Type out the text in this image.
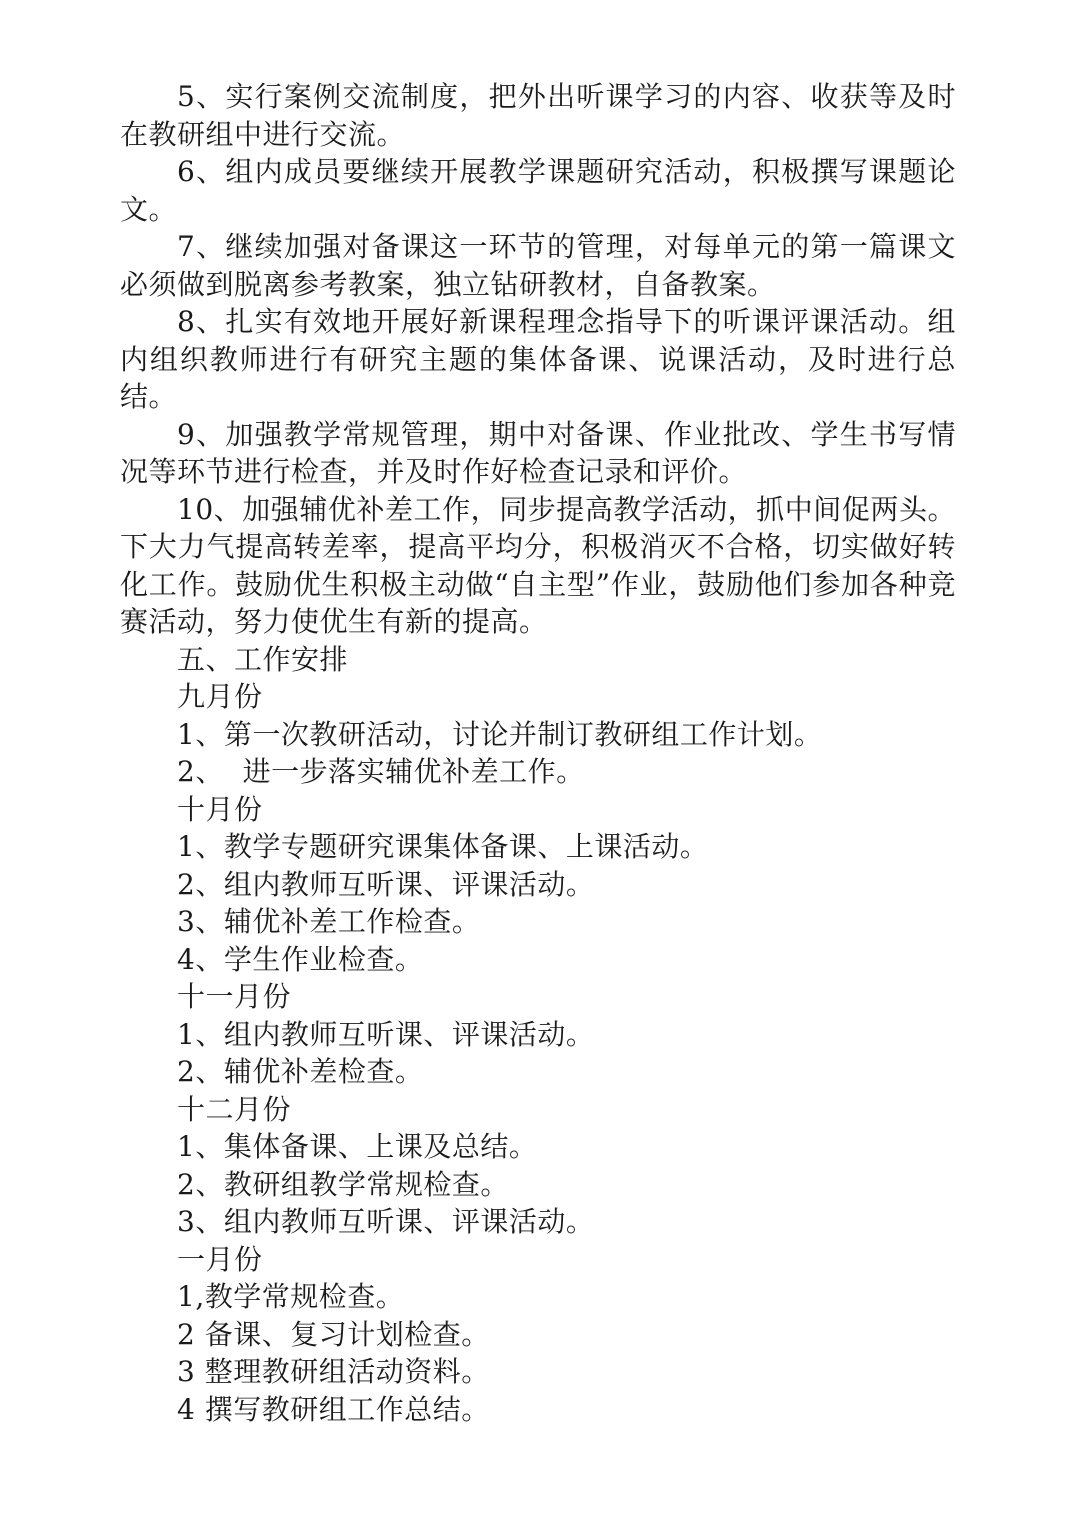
5、实行案例交流制度，把外出听课学习的内容、收获等及时在教研组中进行交流。

6、组内成员要继续开展教学课题研究活动，积极撰写课题论文。

7、继续加强对备课这一环节的管理，对每单元的第一篇课文必须做到脱离参考教案，独立钻研教材，自备教案。

8、扎实有效地开展好新课程理念指导下的听课评课活动。组内组织教师进行有研究主题的集体备课、说课活动，及时进行总结。

9、加强教学常规管理，期中对备课、作业批改、学生书写情况等环节进行检查，并及时作好检查记录和评价。

10、加强辅优补差工作，同步提高教学活动，抓中间促两头。下大力气提高转差率，提高平均分，积极消灭不合格，切实做好转化工作。鼓励优生积极主动做“自主型”作业，鼓励他们参加各种竞赛活动，努力使优生有新的提高。

五、工作安排

九月份

1、第一次教研活动，讨论并制订教研组工作计划。

2、  进一步落实辅优补差工作。

十月份

1、教学专题研究课集体备课、上课活动。

2、组内教师互听课、评课活动。

3、辅优补差工作检查。

4、学生作业检查。

十一月份

1、组内教师互听课、评课活动。

2、辅优补差检查。

十二月份

1、集体备课、上课及总结。

2、教研组教学常规检查。

3、组内教师互听课、评课活动。

一月份

1,教学常规检查。

2 备课、复习计划检查。

3 整理教研组活动资料。

4 撰写教研组工作总结。
